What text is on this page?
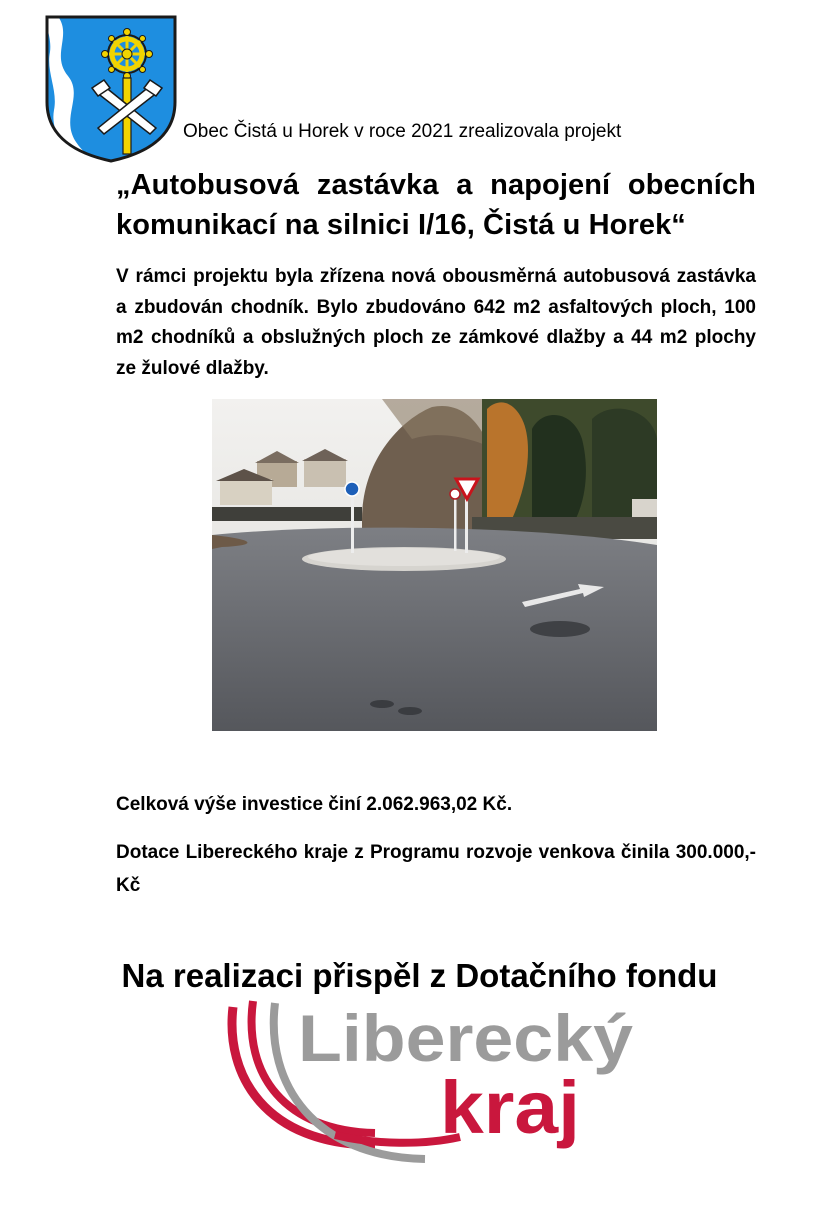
Obec Čistá u Horek v roce 2021 zrealizovala projekt
„Autobusová zastávka a napojení obecních komunikací na silnici I/16, Čistá u Horek“
V rámci projektu byla zřízena nová obousměrná autobusová zastávka a zbudován chodník. Bylo zbudováno 642 m2 asfaltových ploch, 100 m2 chodníků a obslužných ploch ze zámkové dlažby a 44 m2 plochy ze žulové dlažby.
Celková výše investice činí 2.062.963,02 Kč.
Dotace Libereckého kraje z Programu rozvoje venkova činila 300.000,- Kč
Na realizaci přispěl z Dotačního fondu
Liberecký
kraj
